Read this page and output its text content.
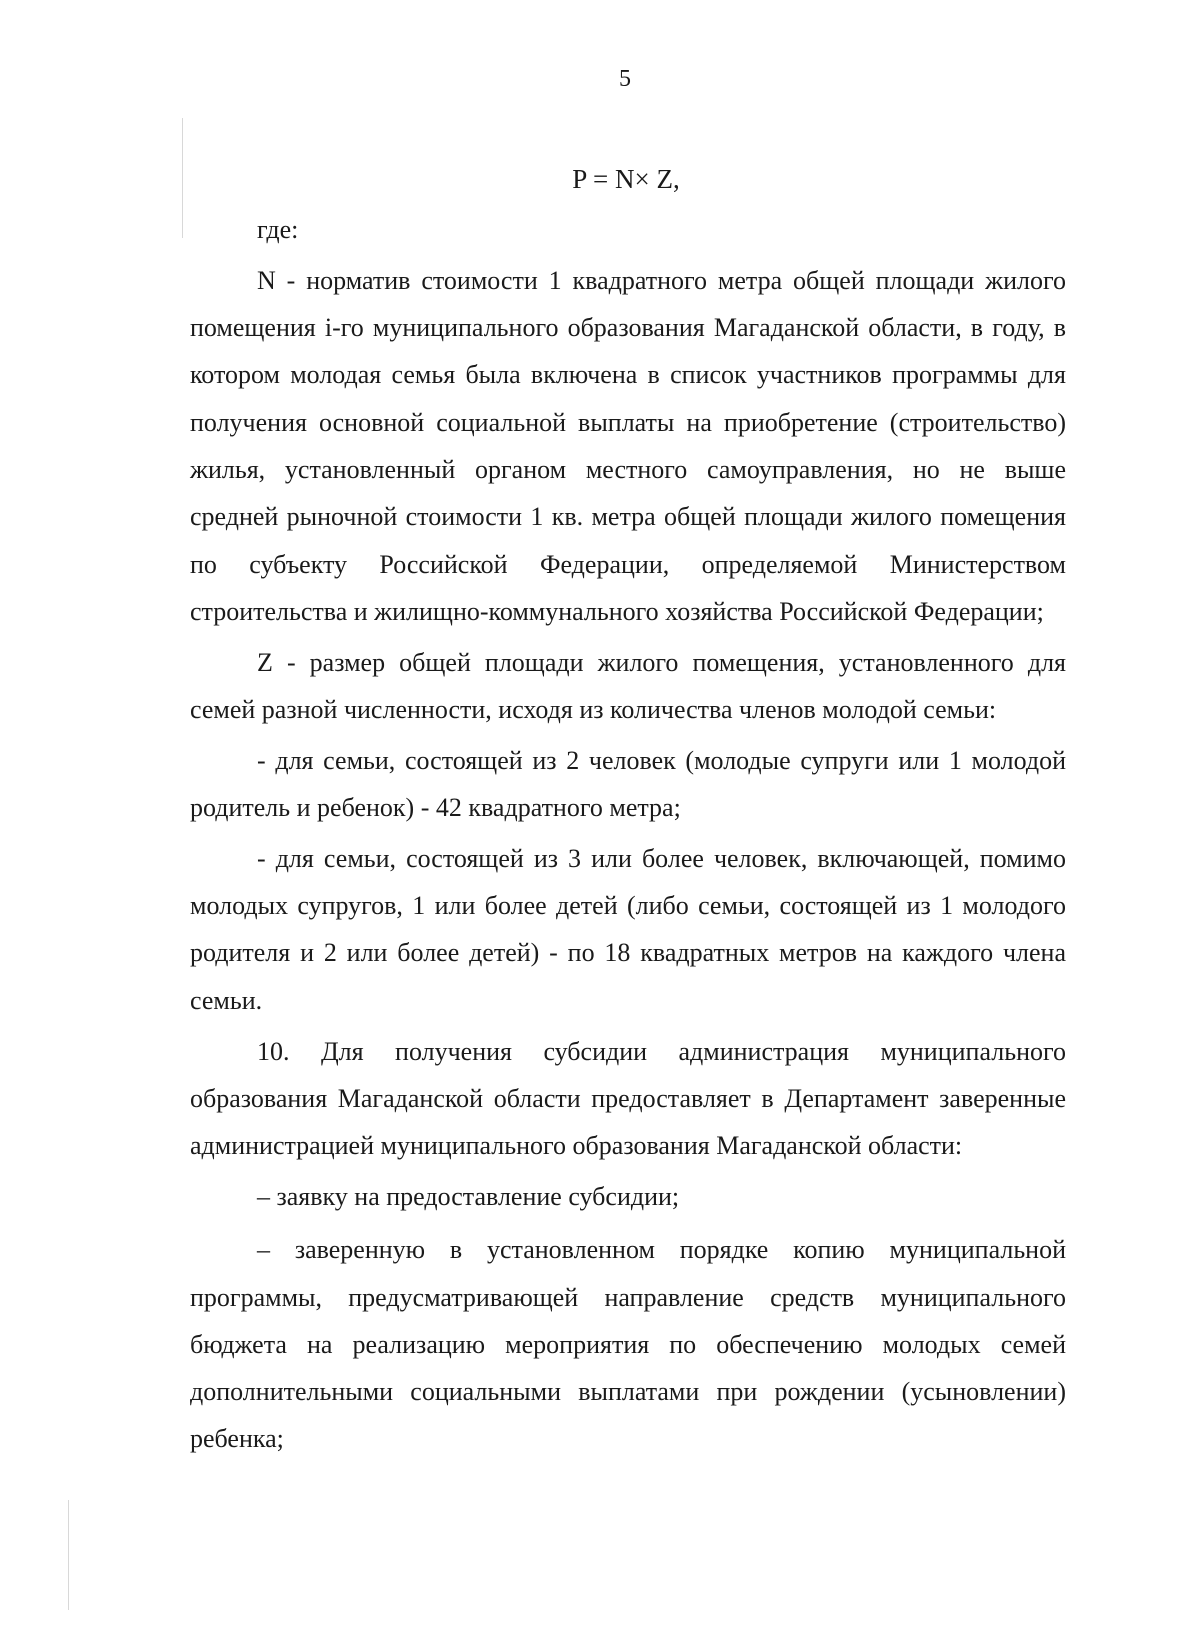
5
P = N× Z,

где:

N - норматив стоимости 1 квадратного метра общей площади жилого помещения i-го муниципального образования Магаданской области, в году, в котором молодая семья была включена в список участников программы для получения основной социальной выплаты на приобретение (строительство) жилья, установленный органом местного самоуправления, но не выше средней рыночной стоимости 1 кв. метра общей площади жилого помещения по субъекту Российской Федерации, определяемой Министерством строительства и жилищно-коммунального хозяйства Российской Федерации;

Z - размер общей площади жилого помещения, установленного для семей разной численности, исходя из количества членов молодой семьи:

- для семьи, состоящей из 2 человек (молодые супруги или 1 молодой родитель и ребенок) - 42 квадратного метра;

- для семьи, состоящей из 3 или более человек, включающей, помимо молодых супругов, 1 или более детей (либо семьи, состоящей из 1 молодого родителя и 2 или более детей) - по 18 квадратных метров на каждого члена семьи.

10. Для получения субсидии администрация муниципального образования Магаданской области предоставляет в Департамент заверенные администрацией муниципального образования Магаданской области:

– заявку на предоставление субсидии;

– заверенную в установленном порядке копию муниципальной программы, предусматривающей направление средств муниципального бюджета на реализацию мероприятия по обеспечению молодых семей дополнительными социальными выплатами при рождении (усыновлении) ребенка;
